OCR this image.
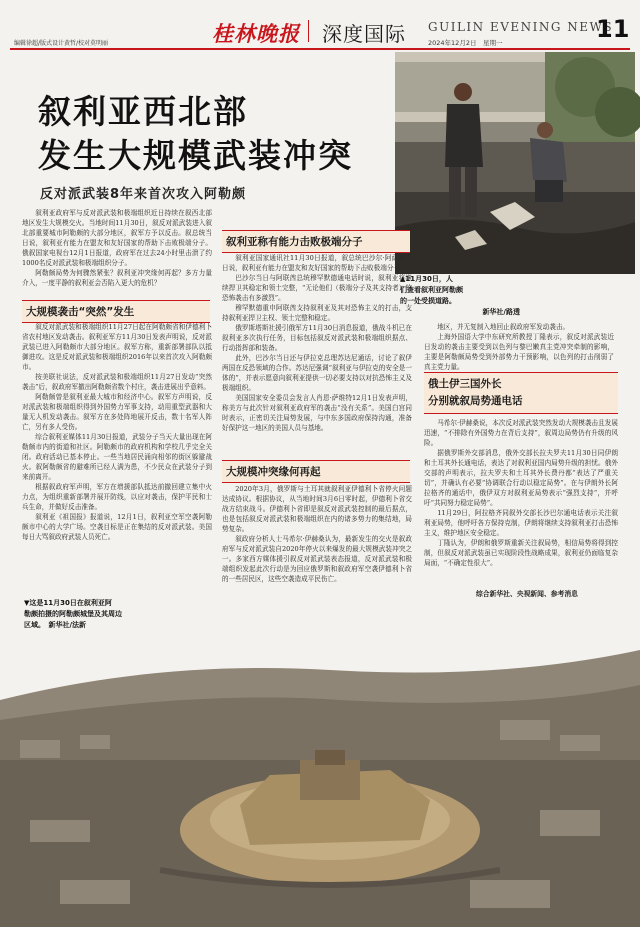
编辑徐超/版式设计黄哲/校对莫明丽	桂林晚报 深度国际 GUILIN EVENING NEWS
2024年12月2日　星期一	11
▲11月30日，人
们查看叙利亚阿勒颇
的一处受损道路。
新华社/路透
叙利亚西北部
发生大规模武装冲突
反对派武装8年来首次攻入阿勒颇

叙利亚政府军与反对派武装和极端组织近日持续在叙西北部地区发生大规模交火。当地时间11月30日，叙反对派武装进入叙北部重要城市阿勒颇的大部分地区，叙军方予以反击。叙总统当日说，叙利亚有能力在盟友和友好国家的帮助下击败极端分子。俄叙国家电视台12月1日报道，政府军在过去24小时里击溃了约1000名反对派武装和极端组织分子。

阿勒颇局势为何骤然紧张？叙利亚冲突缘何再起？多方力量介入，一度平静的叙利亚会否陷入更大的危机？

大规模袭击“突然”发生

叙反对派武装和极端组织11月27日起在阿勒颇省和伊德利卜省农村地区发动袭击。叙利亚军方11月30日发表声明说，反对派武装已进入阿勒颇市大部分地区。叙军方称，重新部署部队以抵御进攻。这是反对派武装和极端组织2016年以来首次攻入阿勒颇市。

按美联社说法，反对派武装和极端组织11月27日发动“突然袭击”后，叙政府军撤出阿勒颇省数个村庄，袭击进展出乎意料。

阿勒颇曾是叙利亚最大城市和经济中心。叙军方声明说，反对派武装和极端组织得到外国势力军事支持，动用重型武器和大量无人机发动袭击。叙军方在多处阵地展开反击，数十名军人阵亡，另有多人受伤。

综合叙利亚媒体11月30日报道，武装分子当天大量出现在阿勒颇市内的街道和社区。阿勒颇市的政府机构和学校几乎完全关闭。政府活动已基本停止。一些当地居民涌向相邻的街区躲避战火。叙阿勒颇省的避难所已经人满为患，不少民众在武装分子到来前离开。

根据叙政府军声明，军方在增援部队抵达前撤回建立集中火力点，为组织重新部署并展开防线，以应对袭击，保护平民和士兵生命，并做好反击准备。

叙利亚《祖国报》报道说，12月1日，叙利亚空军空袭阿勒颇市中心的大学广场。空袭目标是正在集结的反对派武装。美国每日大骂叙政府武装人员死亡。

▼这是11月30日在叙利亚阿
勒颇拍摄的阿勒颇城堡及其周边
区域。　新华社/法新
叙利亚称有能力击败极端分子

叙利亚国家通讯社11月30日报道，叙总统巴沙尔·阿萨德当日说，叙利亚有能力在盟友和友好国家的帮助下击败极端分子。

巴沙尔当日与阿联酋总统穆罕默德通电话时说，叙利亚将继续捍卫其稳定和领土完整，“无论他们（极端分子及其支持者）的恐怖袭击有多激烈”。

穆罕默德重申阿联酋支持叙利亚及其对恐怖主义的打击，支持叙利亚捍卫主权、领土完整和稳定。

俄罗斯塔斯社援引俄军方11月30日消息报道，俄战斗机已在叙利亚多次执行任务，目标包括叙反对派武装和极端组织据点、行动指挥部和装备。

此外，巴沙尔当日还与伊拉克总理苏达尼通话，讨论了叙伊两国在反恐领域的合作。苏达尼强调“叙利亚与伊拉克的安全是一体的”，并表示愿意向叙利亚提供一切必要支持以对抗恐怖主义及极端组织。

美国国家安全委员会发言人肖恩·萨维特12月1日发表声明，称美方与此次针对叙利亚政府军的袭击“没有关系”。美国白宫同时表示，正密切关注局势发展，与中东多国政府保持沟通，准备好保护这一地区的美国人员与基地。

大规模冲突缘何再起

2020年3月，俄罗斯与土耳其就叙利亚伊德利卜省停火问题达成协议。根据协议，从当地时间3月6日零时起，伊德利卜省交战方结束战斗。伊德利卜省即是叙反对派武装控制的最后据点，也是包括叙反对派武装和极端组织在内的诸多势力的集结地，局势复杂。

叙政府分析人士马希尔·伊赫桑认为，最新发生的交火是叙政府军与反对派武装自2020年停火以来爆发的最大规模武装冲突之一。多家西方媒体援引叙反对派武装表态报道，反对派武装和极端组织发起此次行动是为回应俄罗斯和叙政府军空袭伊德利卜省的一些居民区，这些空袭造成平民伤亡。

地区，并无复制入地回止叙政府军发动袭击。

上海外国语大学中东研究所教授丁隆表示，叙反对派武装近日发动的袭击主要受到以色列与黎巴嫩真主党冲突牵制的影响，主要是阿勒颇局势受到外部势力干预影响，以色列的打击削弱了真主党力量。

俄土伊三国外长
分别就叙局势通电话

马希尔·伊赫桑说，本次反对派武装突然发动大规模袭击且发展迅速，“不排除有外国势力在背后支持”，叙周边局势仍有升级的风险。

据俄罗斯外交部消息，俄外交部长拉夫罗夫11月30日同伊朗和土耳其外长通电话，表达了对叙利亚国内局势升级的担忧。俄外交部的声明表示，拉夫罗夫和土耳其外长费丹都“表达了严重关切”，并确认有必要“协调联合行动以稳定局势”。在与伊朗外长阿拉格齐的通话中，俄伊双方对叙利亚局势表示“强烈支持”，并呼吁“共同努力稳定局势”。

11月29日，阿拉格齐同叙外交部长沙巴尔通电话表示关注叙利亚局势，他呼吁各方保持克制，伊朗将继续支持叙利亚打击恐怖主义，维护地区安全稳定。

丁隆认为，伊朗和俄罗斯重新关注叙局势，相信局势将得到控制，但叙反对派武装虽已实现阶段性战略成果，叙利亚仍面临复杂局面，“不确定性很大”。

综合新华社、央视新闻、参考消息
